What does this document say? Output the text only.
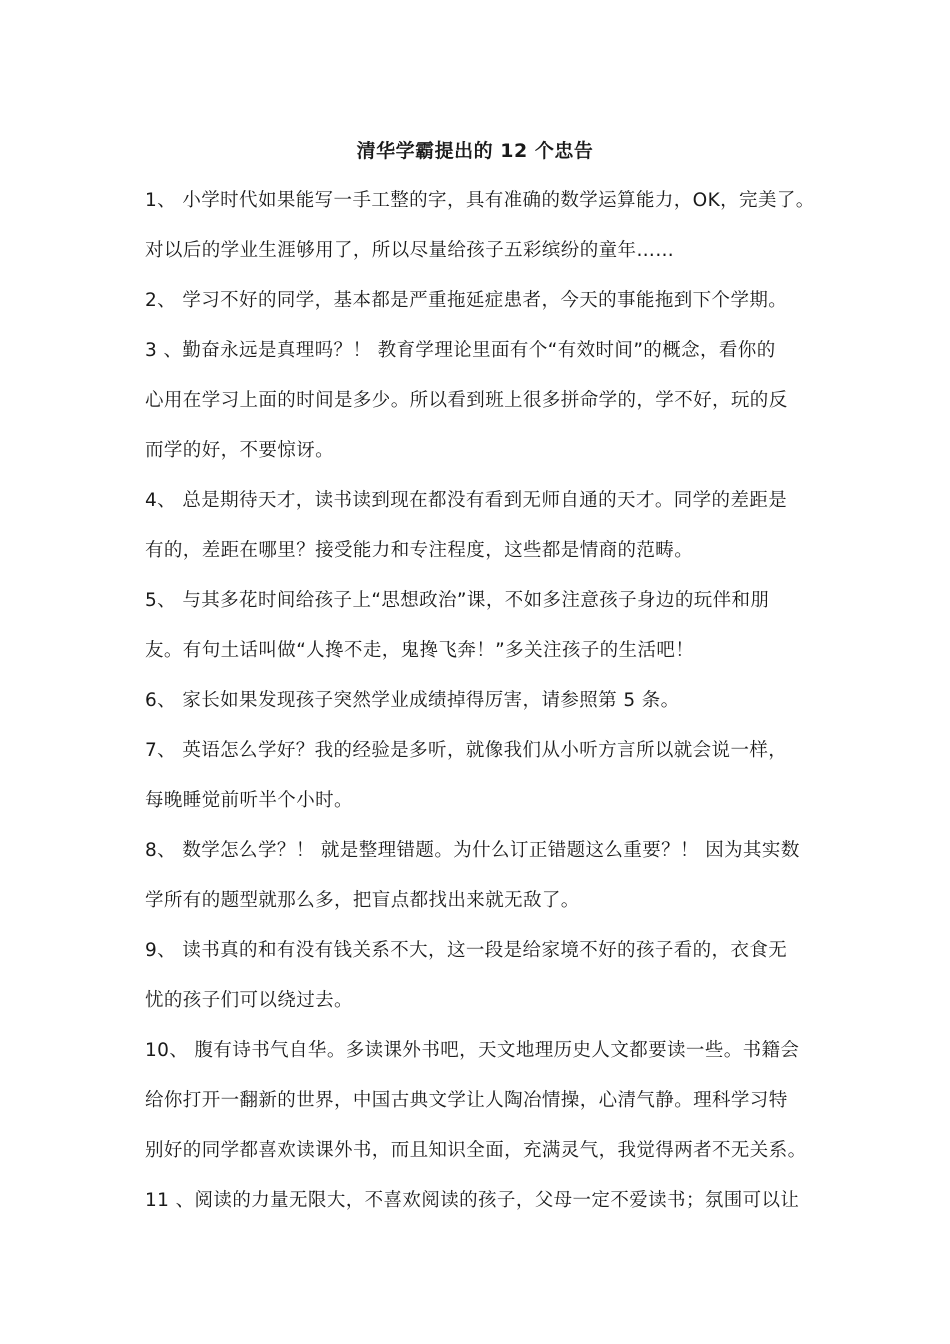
清华学霸提出的 12 个忠告
1、 小学时代如果能写一手工整的字，具有准确的数学运算能力，OK，完美了。
对以后的学业生涯够用了，所以尽量给孩子五彩缤纷的童年……
2、 学习不好的同学，基本都是严重拖延症患者，今天的事能拖到下个学期。
3 、勤奋永远是真理吗？！ 教育学理论里面有个“有效时间”的概念，看你的
心用在学习上面的时间是多少。所以看到班上很多拼命学的，学不好，玩的反
而学的好，不要惊讶。
4、 总是期待天才，读书读到现在都没有看到无师自通的天才。同学的差距是
有的，差距在哪里？接受能力和专注程度，这些都是情商的范畴。
5、 与其多花时间给孩子上“思想政治”课，不如多注意孩子身边的玩伴和朋
友。有句土话叫做“人搀不走，鬼搀飞奔！”多关注孩子的生活吧！
6、 家长如果发现孩子突然学业成绩掉得厉害，请参照第 5 条。
7、 英语怎么学好？我的经验是多听，就像我们从小听方言所以就会说一样，
每晚睡觉前听半个小时。
8、 数学怎么学？！ 就是整理错题。为什么订正错题这么重要？！ 因为其实数
学所有的题型就那么多，把盲点都找出来就无敌了。
9、 读书真的和有没有钱关系不大，这一段是给家境不好的孩子看的，衣食无
忧的孩子们可以绕过去。
10、 腹有诗书气自华。多读课外书吧，天文地理历史人文都要读一些。书籍会
给你打开一翻新的世界，中国古典文学让人陶冶情操，心清气静。理科学习特
别好的同学都喜欢读课外书，而且知识全面，充满灵气，我觉得两者不无关系。
11 、阅读的力量无限大，不喜欢阅读的孩子，父母一定不爱读书；氛围可以让
